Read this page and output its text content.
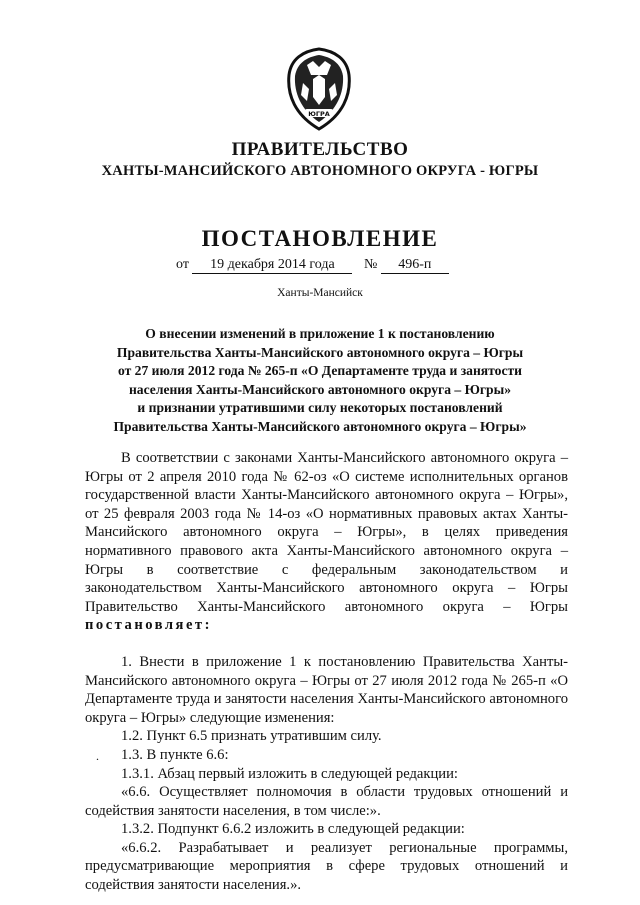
ЮГРА
ПРАВИТЕЛЬСТВО
ХАНТЫ-МАНСИЙСКОГО АВТОНОМНОГО ОКРУГА - ЮГРЫ
ПОСТАНОВЛЕНИЕ
от 19 декабря 2014 года № 496-п
Ханты-Мансийск
О внесении изменений в приложение 1 к постановлению
Правительства Ханты-Мансийского автономного округа – Югры
от 27 июля 2012 года № 265-п «О Департаменте труда и занятости
населения Ханты-Мансийского автономного округа – Югры»
и признании утратившими силу некоторых постановлений
Правительства Ханты-Мансийского автономного округа – Югры»

В соответствии с законами Ханты-Мансийского автономного округа – Югры от 2 апреля 2010 года № 62-оз «О системе исполнительных органов государственной власти Ханты-Мансийского автономного округа – Югры», от 25 февраля 2003 года № 14-оз «О нормативных правовых актах Ханты-Мансийского автономного округа – Югры», в целях приведения нормативного правового акта Ханты-Мансийского автономного округа – Югры в соответствие с федеральным законодательством и законодательством Ханты-Мансийского автономного округа – Югры Правительство Ханты-Мансийского автономного округа – Югры постановляет:

1. Внести в приложение 1 к постановлению Правительства Ханты-Мансийского автономного округа – Югры от 27 июля 2012 года № 265-п «О Департаменте труда и занятости населения Ханты-Мансийского автономного округа – Югры» следующие изменения:

1.2. Пункт 6.5 признать утратившим силу.

1.3. В пункте 6.6:

1.3.1. Абзац первый изложить в следующей редакции:

«6.6. Осуществляет полномочия в области трудовых отношений и содействия занятости населения, в том числе:».

1.3.2. Подпункт 6.6.2 изложить в следующей редакции:

«6.6.2. Разрабатывает и реализует региональные программы, предусматривающие мероприятия в сфере трудовых отношений и содействия занятости населения.».

.
